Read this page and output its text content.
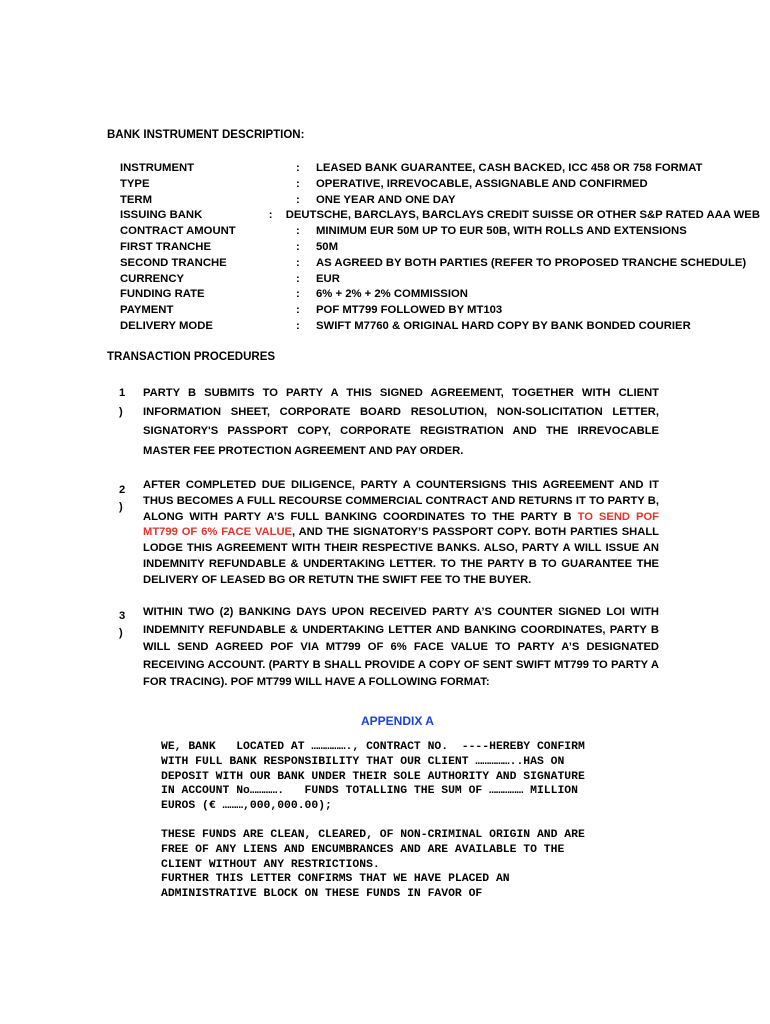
BANK INSTRUMENT DESCRIPTION:
INSTRUMENT	:	LEASED BANK GUARANTEE, CASH BACKED, ICC 458 OR 758 FORMAT
TYPE	:	OPERATIVE, IRREVOCABLE, ASSIGNABLE AND CONFIRMED
TERM	:	ONE YEAR AND ONE DAY
ISSUING BANK	:	DEUTSCHE, BARCLAYS, BARCLAYS CREDIT SUISSE OR OTHER S&P RATED AAA WEB
CONTRACT AMOUNT	:	MINIMUM EUR 50M UP TO EUR 50B, WITH ROLLS AND EXTENSIONS
FIRST TRANCHE	:	50M
SECOND TRANCHE	:	AS AGREED BY BOTH PARTIES (REFER TO PROPOSED TRANCHE SCHEDULE)
CURRENCY	:	EUR
FUNDING RATE	:	6% + 2% + 2% COMMISSION
PAYMENT	:	POF MT799 FOLLOWED BY MT103
DELIVERY MODE	:	SWIFT M7760 & ORIGINAL HARD COPY BY BANK BONDED COURIER
TRANSACTION PROCEDURES
1
)
PARTY B SUBMITS TO PARTY A THIS SIGNED AGREEMENT, TOGETHER WITH CLIENT INFORMATION SHEET, CORPORATE BOARD RESOLUTION, NON-SOLICITATION LETTER, SIGNATORY'S PASSPORT COPY, CORPORATE REGISTRATION AND THE IRREVOCABLE MASTER FEE PROTECTION AGREEMENT AND PAY ORDER.
2
)
AFTER COMPLETED DUE DILIGENCE, PARTY A COUNTERSIGNS THIS AGREEMENT AND IT THUS BECOMES A FULL RECOURSE COMMERCIAL CONTRACT AND RETURNS IT TO PARTY B, ALONG WITH PARTY A’S FULL BANKING COORDINATES TO THE PARTY B TO SEND POF MT799 OF 6% FACE VALUE, AND THE SIGNATORY’S PASSPORT COPY. BOTH PARTIES SHALL LODGE THIS AGREEMENT WITH THEIR RESPECTIVE BANKS. ALSO, PARTY A WILL ISSUE AN INDEMNITY REFUNDABLE & UNDERTAKING LETTER. TO THE PARTY B TO GUARANTEE THE DELIVERY OF LEASED BG OR RETUTN THE SWIFT FEE TO THE BUYER.
3
)
WITHIN TWO (2) BANKING DAYS UPON RECEIVED PARTY A’S COUNTER SIGNED LOI WITH INDEMNITY REFUNDABLE & UNDERTAKING LETTER AND BANKING COORDINATES, PARTY B WILL SEND AGREED POF VIA MT799 OF 6% FACE VALUE TO PARTY A’S DESIGNATED RECEIVING ACCOUNT. (PARTY B SHALL PROVIDE A COPY OF SENT SWIFT MT799 TO PARTY A FOR TRACING). POF MT799 WILL HAVE A FOLLOWING FORMAT:
APPENDIX A
WE, BANK   LOCATED AT ……………., CONTRACT NO.  ----HEREBY CONFIRM
WITH FULL BANK RESPONSIBILITY THAT OUR CLIENT ……………..HAS ON
DEPOSIT WITH OUR BANK UNDER THEIR SOLE AUTHORITY AND SIGNATURE
IN ACCOUNT No………….   FUNDS TOTALLING THE SUM OF …………… MILLION
EUROS (€ ………,000,000.00);
THESE FUNDS ARE CLEAN, CLEARED, OF NON-CRIMINAL ORIGIN AND ARE
FREE OF ANY LIENS AND ENCUMBRANCES AND ARE AVAILABLE TO THE
CLIENT WITHOUT ANY RESTRICTIONS.
FURTHER THIS LETTER CONFIRMS THAT WE HAVE PLACED AN
ADMINISTRATIVE BLOCK ON THESE FUNDS IN FAVOR OF
